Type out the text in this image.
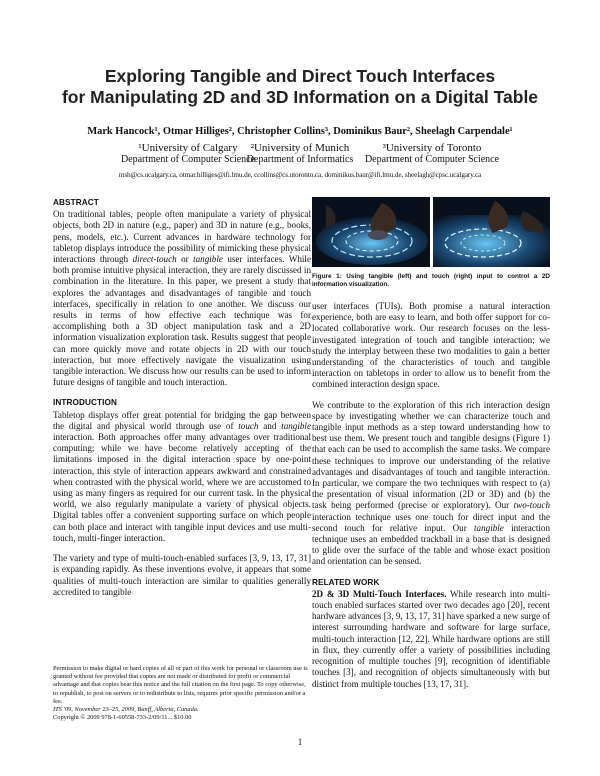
Exploring Tangible and Direct Touch Interfaces
for Manipulating 2D and 3D Information on a Digital Table
Mark Hancock¹, Otmar Hilliges², Christopher Collins³, Dominikus Baur², Sheelagh Carpendale¹
¹University of Calgary
Department of Computer Science
²University of Munich
Department of Informatics
³University of Toronto
Department of Computer Science
msh@cs.ucalgary.ca, otmar.hilliges@ifi.lmu.de, ccollins@cs.utoronto.ca, dominikus.baur@ifi.lmu.de, sheelagh@cpsc.ucalgary.ca
ABSTRACT

On traditional tables, people often manipulate a variety of physical objects, both 2D in nature (e.g., paper) and 3D in nature (e.g., books, pens, models, etc.). Current advances in hardware technology for tabletop displays introduce the possibility of mimicking these physical interactions through direct-touch or tangible user interfaces. While both promise intuitive physical interaction, they are rarely discussed in combination in the literature. In this paper, we present a study that explores the advantages and disadvantages of tangible and touch interfaces, specifically in relation to one another. We discuss our results in terms of how effective each technique was for accomplishing both a 3D object manipulation task and a 2D information visualization exploration task. Results suggest that people can more quickly move and rotate objects in 2D with our touch interaction, but more effectively navigate the visualization using tangible interaction. We discuss how our results can be used to inform future designs of tangible and touch interaction.

INTRODUCTION

Tabletop displays offer great potential for bridging the gap between the digital and physical world through use of touch and tangible interaction. Both approaches offer many advantages over traditional computing; while we have become relatively accepting of the limitations imposed in the digital interaction space by one-point interaction, this style of interaction appears awkward and constrained when contrasted with the physical world, where we are accustomed to using as many fingers as required for our current task. In the physical world, we also regularly manipulate a variety of physical objects. Digital tables offer a convenient supporting surface on which people can both place and interact with tangible input devices and use multi-touch, multi-finger interaction.

The variety and type of multi-touch-enabled surfaces [3, 9, 13, 17, 31] is expanding rapidly. As these inventions evolve, it appears that some qualities of multi-touch interaction are similar to qualities generally accredited to tangible

Permission to make digital or hard copies of all or part of this work for personal or classroom use is granted without fee provided that copies are not made or distributed for profit or commercial advantage and that copies bear this notice and the full citation on the first page. To copy otherwise, to republish, to post on servers or to redistribute to lists, requires prior specific permission and/or a fee.
ITS '09, November 23–25, 2009, Banff, Alberta, Canada.
Copyright © 2009 978-1-60558-733-2/09/11... $10.00
Figure 1: Using tangible (left) and touch (right) input to control a 2D information visualization.

user interfaces (TUIs). Both promise a natural interaction experience, both are easy to learn, and both offer support for co-located collaborative work. Our research focuses on the less-investigated integration of touch and tangible interaction; we study the interplay between these two modalities to gain a better understanding of the characteristics of touch and tangible interaction on tabletops in order to allow us to benefit from the combined interaction design space.

We contribute to the exploration of this rich interaction design space by investigating whether we can characterize touch and tangible input methods as a step toward understanding how to best use them. We present touch and tangible designs (Figure 1) that each can be used to accomplish the same tasks. We compare these techniques to improve our understanding of the relative advantages and disadvantages of touch and tangible interaction. In particular, we compare the two techniques with respect to (a) the presentation of visual information (2D or 3D) and (b) the task being performed (precise or exploratory). Our two-touch interaction technique uses one touch for direct input and the second touch for relative input. Our tangible interaction technique uses an embedded trackball in a base that is designed to glide over the surface of the table and whose exact position and orientation can be sensed.

RELATED WORK

2D & 3D Multi-Touch Interfaces. While research into multi-touch enabled surfaces started over two decades ago [20], recent hardware advances [3, 9, 13, 17, 31] have sparked a new surge of interest surrounding hardware and software for large surface, multi-touch interaction [12, 22]. While hardware options are still in flux, they currently offer a variety of possibilities including recognition of multiple touches [9], recognition of identifiable touches [3], and recognition of objects simultaneously with but distinct from multiple touches [13, 17, 31].

1
